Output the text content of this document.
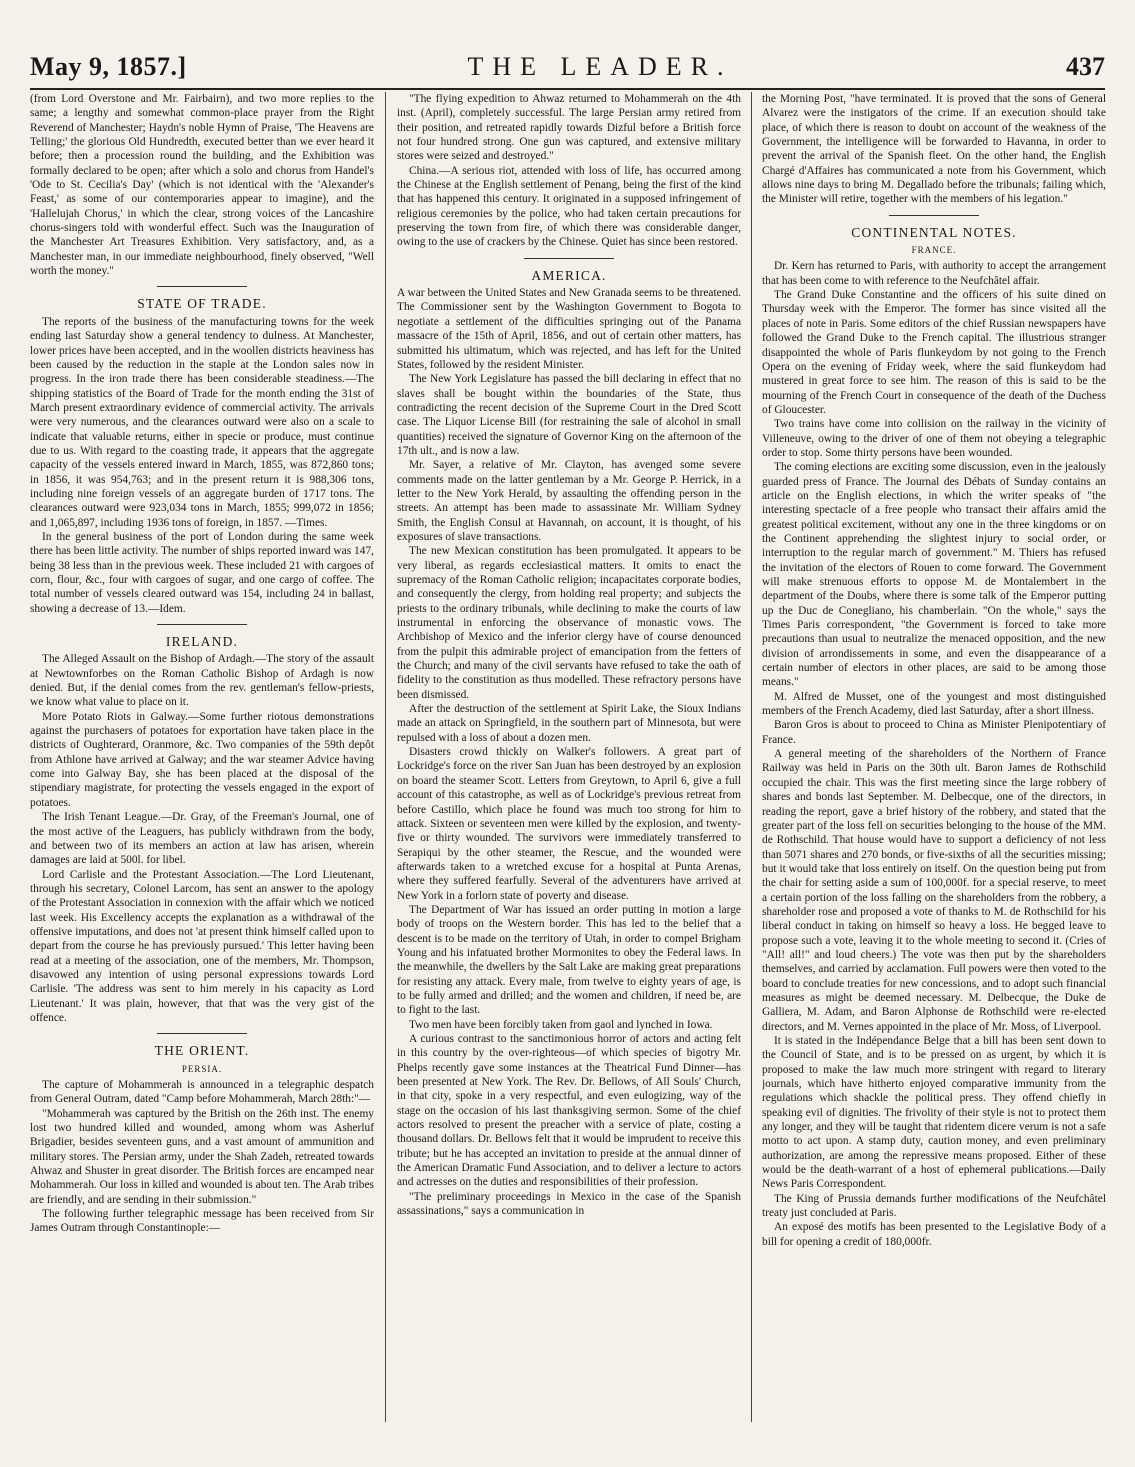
May 9, 1857.]	THE LEADER.	437

(from Lord Overstone and Mr. Fairbairn), and two more replies to the same; a lengthy and somewhat common-place prayer from the Right Reverend of Manchester; Haydn's noble Hymn of Praise, 'The Heavens are Telling;' the glorious Old Hundredth, executed better than we ever heard it before; then a procession round the building, and the Exhibition was formally declared to be open; after which a solo and chorus from Handel's 'Ode to St. Cecilia's Day' (which is not identical with the 'Alexander's Feast,' as some of our contemporaries appear to imagine), and the 'Hallelujah Chorus,' in which the clear, strong voices of the Lancashire chorus-singers told with wonderful effect. Such was the Inauguration of the Manchester Art Treasures Exhibition. Very satisfactory, and, as a Manchester man, in our immediate neighbourhood, finely observed, "Well worth the money."

STATE OF TRADE.

The reports of the business of the manufacturing towns for the week ending last Saturday show a general tendency to dulness. At Manchester, lower prices have been accepted, and in the woollen districts heaviness has been caused by the reduction in the staple at the London sales now in progress. In the iron trade there has been considerable steadiness.—The shipping statistics of the Board of Trade for the month ending the 31st of March present extraordinary evidence of commercial activity. The arrivals were very numerous, and the clearances outward were also on a scale to indicate that valuable returns, either in specie or produce, must continue due to us. With regard to the coasting trade, it appears that the aggregate capacity of the vessels entered inward in March, 1855, was 872,860 tons; in 1856, it was 954,763; and in the present return it is 988,306 tons, including nine foreign vessels of an aggregate burden of 1717 tons. The clearances outward were 923,034 tons in March, 1855; 999,072 in 1856; and 1,065,897, including 1936 tons of foreign, in 1857. —Times.

In the general business of the port of London during the same week there has been little activity. The number of ships reported inward was 147, being 38 less than in the previous week. These included 21 with cargoes of corn, flour, &c., four with cargoes of sugar, and one cargo of coffee. The total number of vessels cleared outward was 154, including 24 in ballast, showing a decrease of 13.—Idem.

IRELAND.

The Alleged Assault on the Bishop of Ardagh.—The story of the assault at Newtownforbes on the Roman Catholic Bishop of Ardagh is now denied. But, if the denial comes from the rev. gentleman's fellow-priests, we know what value to place on it.

More Potato Riots in Galway.—Some further riotous demonstrations against the purchasers of potatoes for exportation have taken place in the districts of Oughterard, Oranmore, &c. Two companies of the 59th depôt from Athlone have arrived at Galway; and the war steamer Advice having come into Galway Bay, she has been placed at the disposal of the stipendiary magistrate, for protecting the vessels engaged in the export of potatoes.

The Irish Tenant League.—Dr. Gray, of the Freeman's Journal, one of the most active of the Leaguers, has publicly withdrawn from the body, and between two of its members an action at law has arisen, wherein damages are laid at 500l. for libel.

Lord Carlisle and the Protestant Association.—The Lord Lieutenant, through his secretary, Colonel Larcom, has sent an answer to the apology of the Protestant Association in connexion with the affair which we noticed last week. His Excellency accepts the explanation as a withdrawal of the offensive imputations, and does not 'at present think himself called upon to depart from the course he has previously pursued.' This letter having been read at a meeting of the association, one of the members, Mr. Thompson, disavowed any intention of using personal expressions towards Lord Carlisle. 'The address was sent to him merely in his capacity as Lord Lieutenant.' It was plain, however, that that was the very gist of the offence.

THE ORIENT.
PERSIA.

The capture of Mohammerah is announced in a telegraphic despatch from General Outram, dated "Camp before Mohammerah, March 28th:"—

"Mohammerah was captured by the British on the 26th inst. The enemy lost two hundred killed and wounded, among whom was Asherluf Brigadier, besides seventeen guns, and a vast amount of ammunition and military stores. The Persian army, under the Shah Zadeh, retreated towards Ahwaz and Shuster in great disorder. The British forces are encamped near Mohammerah. Our loss in killed and wounded is about ten. The Arab tribes are friendly, and are sending in their submission."

The following further telegraphic message has been received from Sir James Outram through Constantinople:—

"The flying expedition to Ahwaz returned to Mohammerah on the 4th inst. (April), completely successful. The large Persian army retired from their position, and retreated rapidly towards Dizful before a British force not four hundred strong. One gun was captured, and extensive military stores were seized and destroyed."

China.—A serious riot, attended with loss of life, has occurred among the Chinese at the English settlement of Penang, being the first of the kind that has happened this century. It originated in a supposed infringement of religious ceremonies by the police, who had taken certain precautions for preserving the town from fire, of which there was considerable danger, owing to the use of crackers by the Chinese. Quiet has since been restored.

AMERICA.

A war between the United States and New Granada seems to be threatened. The Commissioner sent by the Washington Government to Bogota to negotiate a settlement of the difficulties springing out of the Panama massacre of the 15th of April, 1856, and out of certain other matters, has submitted his ultimatum, which was rejected, and has left for the United States, followed by the resident Minister.

The New York Legislature has passed the bill declaring in effect that no slaves shall be bought within the boundaries of the State, thus contradicting the recent decision of the Supreme Court in the Dred Scott case. The Liquor License Bill (for restraining the sale of alcohol in small quantities) received the signature of Governor King on the afternoon of the 17th ult., and is now a law.

Mr. Sayer, a relative of Mr. Clayton, has avenged some severe comments made on the latter gentleman by a Mr. George P. Herrick, in a letter to the New York Herald, by assaulting the offending person in the streets. An attempt has been made to assassinate Mr. William Sydney Smith, the English Consul at Havannah, on account, it is thought, of his exposures of slave transactions.

The new Mexican constitution has been promulgated. It appears to be very liberal, as regards ecclesiastical matters. It omits to enact the supremacy of the Roman Catholic religion; incapacitates corporate bodies, and consequently the clergy, from holding real property; and subjects the priests to the ordinary tribunals, while declining to make the courts of law instrumental in enforcing the observance of monastic vows. The Archbishop of Mexico and the inferior clergy have of course denounced from the pulpit this admirable project of emancipation from the fetters of the Church; and many of the civil servants have refused to take the oath of fidelity to the constitution as thus modelled. These refractory persons have been dismissed.

After the destruction of the settlement at Spirit Lake, the Sioux Indians made an attack on Springfield, in the southern part of Minnesota, but were repulsed with a loss of about a dozen men.

Disasters crowd thickly on Walker's followers. A great part of Lockridge's force on the river San Juan has been destroyed by an explosion on board the steamer Scott. Letters from Greytown, to April 6, give a full account of this catastrophe, as well as of Lockridge's previous retreat from before Castillo, which place he found was much too strong for him to attack. Sixteen or seventeen men were killed by the explosion, and twenty-five or thirty wounded. The survivors were immediately transferred to Serapiqui by the other steamer, the Rescue, and the wounded were afterwards taken to a wretched excuse for a hospital at Punta Arenas, where they suffered fearfully. Several of the adventurers have arrived at New York in a forlorn state of poverty and disease.

The Department of War has issued an order putting in motion a large body of troops on the Western border. This has led to the belief that a descent is to be made on the territory of Utah, in order to compel Brigham Young and his infatuated brother Mormonites to obey the Federal laws. In the meanwhile, the dwellers by the Salt Lake are making great preparations for resisting any attack. Every male, from twelve to eighty years of age, is to be fully armed and drilled; and the women and children, if need be, are to fight to the last.

Two men have been forcibly taken from gaol and lynched in Iowa.

A curious contrast to the sanctimonious horror of actors and acting felt in this country by the over-righteous—of which species of bigotry Mr. Phelps recently gave some instances at the Theatrical Fund Dinner—has been presented at New York. The Rev. Dr. Bellows, of All Souls' Church, in that city, spoke in a very respectful, and even eulogizing, way of the stage on the occasion of his last thanksgiving sermon. Some of the chief actors resolved to present the preacher with a service of plate, costing a thousand dollars. Dr. Bellows felt that it would be imprudent to receive this tribute; but he has accepted an invitation to preside at the annual dinner of the American Dramatic Fund Association, and to deliver a lecture to actors and actresses on the duties and responsibilities of their profession.

"The preliminary proceedings in Mexico in the case of the Spanish assassinations," says a communication in

the Morning Post, "have terminated. It is proved that the sons of General Alvarez were the instigators of the crime. If an execution should take place, of which there is reason to doubt on account of the weakness of the Government, the intelligence will be forwarded to Havanna, in order to prevent the arrival of the Spanish fleet. On the other hand, the English Chargé d'Affaires has communicated a note from his Government, which allows nine days to bring M. Degallado before the tribunals; failing which, the Minister will retire, together with the members of his legation."

CONTINENTAL NOTES.
FRANCE.

Dr. Kern has returned to Paris, with authority to accept the arrangement that has been come to with reference to the Neufchâtel affair.

The Grand Duke Constantine and the officers of his suite dined on Thursday week with the Emperor. The former has since visited all the places of note in Paris. Some editors of the chief Russian newspapers have followed the Grand Duke to the French capital. The illustrious stranger disappointed the whole of Paris flunkeydom by not going to the French Opera on the evening of Friday week, where the said flunkeydom had mustered in great force to see him. The reason of this is said to be the mourning of the French Court in consequence of the death of the Duchess of Gloucester.

Two trains have come into collision on the railway in the vicinity of Villeneuve, owing to the driver of one of them not obeying a telegraphic order to stop. Some thirty persons have been wounded.

The coming elections are exciting some discussion, even in the jealously guarded press of France. The Journal des Débats of Sunday contains an article on the English elections, in which the writer speaks of "the interesting spectacle of a free people who transact their affairs amid the greatest political excitement, without any one in the three kingdoms or on the Continent apprehending the slightest injury to social order, or interruption to the regular march of government." M. Thiers has refused the invitation of the electors of Rouen to come forward. The Government will make strenuous efforts to oppose M. de Montalembert in the department of the Doubs, where there is some talk of the Emperor putting up the Duc de Conegliano, his chamberlain. "On the whole," says the Times Paris correspondent, "the Government is forced to take more precautions than usual to neutralize the menaced opposition, and the new division of arrondissements in some, and even the disappearance of a certain number of electors in other places, are said to be among those means."

M. Alfred de Musset, one of the youngest and most distinguished members of the French Academy, died last Saturday, after a short illness.

Baron Gros is about to proceed to China as Minister Plenipotentiary of France.

A general meeting of the shareholders of the Northern of France Railway was held in Paris on the 30th ult. Baron James de Rothschild occupied the chair. This was the first meeting since the large robbery of shares and bonds last September. M. Delbecque, one of the directors, in reading the report, gave a brief history of the robbery, and stated that the greater part of the loss fell on securities belonging to the house of the MM. de Rothschild. That house would have to support a deficiency of not less than 5071 shares and 270 bonds, or five-sixths of all the securities missing; but it would take that loss entirely on itself. On the question being put from the chair for setting aside a sum of 100,000f. for a special reserve, to meet a certain portion of the loss falling on the shareholders from the robbery, a shareholder rose and proposed a vote of thanks to M. de Rothschild for his liberal conduct in taking on himself so heavy a loss. He begged leave to propose such a vote, leaving it to the whole meeting to second it. (Cries of "All! all!" and loud cheers.) The vote was then put by the shareholders themselves, and carried by acclamation. Full powers were then voted to the board to conclude treaties for new concessions, and to adopt such financial measures as might be deemed necessary. M. Delbecque, the Duke de Galliera, M. Adam, and Baron Alphonse de Rothschild were re-elected directors, and M. Vernes appointed in the place of Mr. Moss, of Liverpool.

It is stated in the Indépendance Belge that a bill has been sent down to the Council of State, and is to be pressed on as urgent, by which it is proposed to make the law much more stringent with regard to literary journals, which have hitherto enjoyed comparative immunity from the regulations which shackle the political press. They offend chiefly in speaking evil of dignities. The frivolity of their style is not to protect them any longer, and they will be taught that ridentem dicere verum is not a safe motto to act upon. A stamp duty, caution money, and even preliminary authorization, are among the repressive means proposed. Either of these would be the death-warrant of a host of ephemeral publications.—Daily News Paris Correspondent.

The King of Prussia demands further modifications of the Neufchâtel treaty just concluded at Paris.

An exposé des motifs has been presented to the Legislative Body of a bill for opening a credit of 180,000fr.
